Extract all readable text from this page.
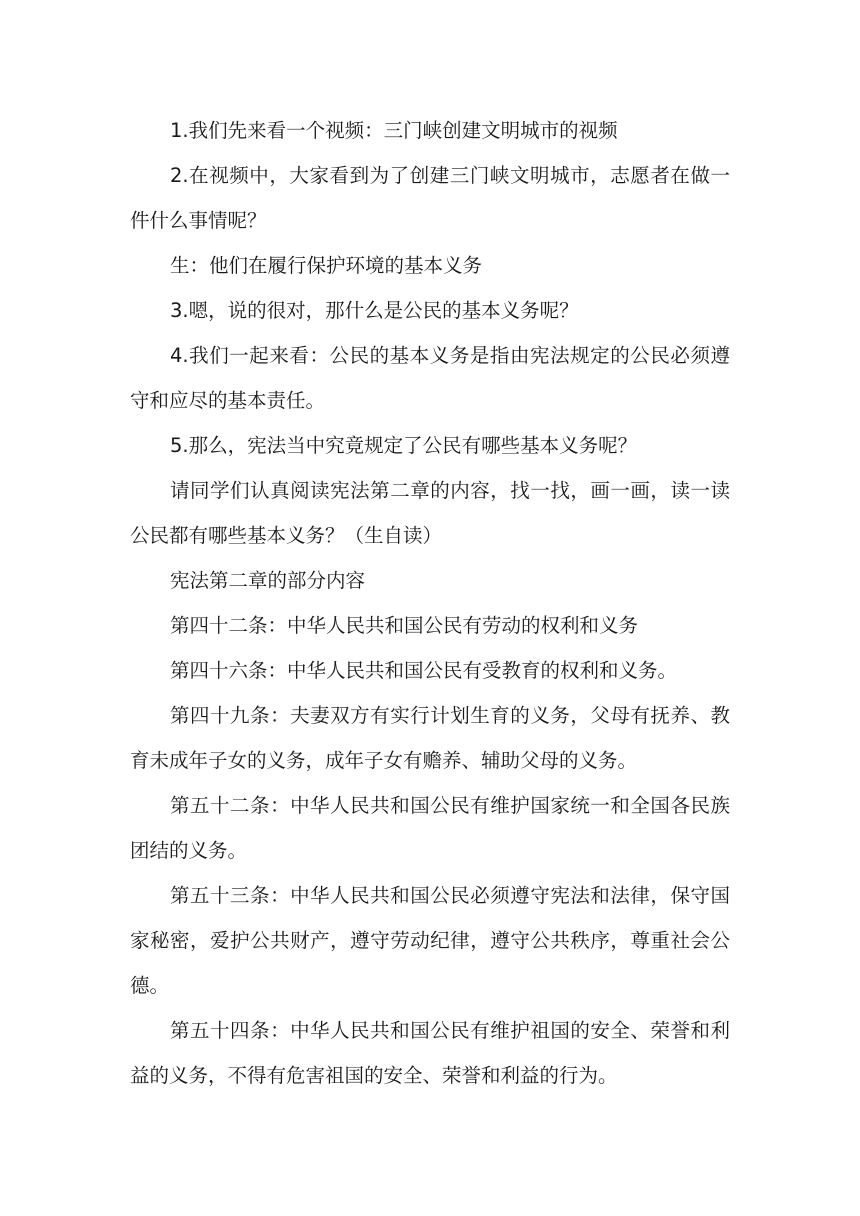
1.我们先来看一个视频：三门峡创建文明城市的视频

2.在视频中，大家看到为了创建三门峡文明城市，志愿者在做一件什么事情呢？

生：他们在履行保护环境的基本义务

3.嗯，说的很对，那什么是公民的基本义务呢？

4.我们一起来看：公民的基本义务是指由宪法规定的公民必须遵守和应尽的基本责任。

5.那么，宪法当中究竟规定了公民有哪些基本义务呢？

请同学们认真阅读宪法第二章的内容，找一找，画一画，读一读公民都有哪些基本义务？（生自读）

宪法第二章的部分内容

第四十二条：中华人民共和国公民有劳动的权利和义务

第四十六条：中华人民共和国公民有受教育的权利和义务。

第四十九条：夫妻双方有实行计划生育的义务，父母有抚养、教育未成年子女的义务，成年子女有赡养、辅助父母的义务。

第五十二条：中华人民共和国公民有维护国家统一和全国各民族团结的义务。

第五十三条：中华人民共和国公民必须遵守宪法和法律，保守国家秘密，爱护公共财产，遵守劳动纪律，遵守公共秩序，尊重社会公德。

第五十四条：中华人民共和国公民有维护祖国的安全、荣誉和利益的义务，不得有危害祖国的安全、荣誉和利益的行为。
